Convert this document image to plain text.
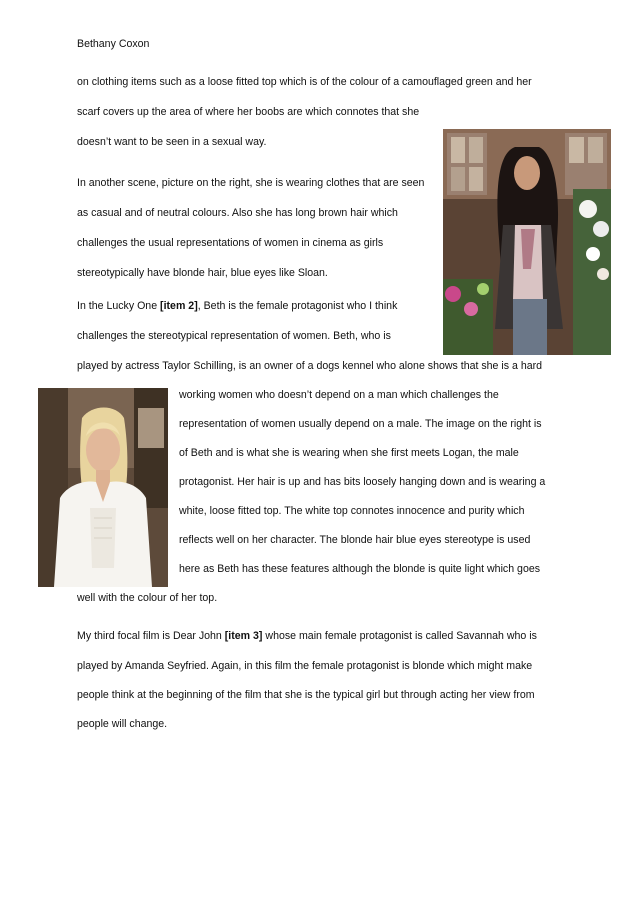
Bethany Coxon
on clothing items such as a loose fitted top which is of the colour of a camouflaged green and her
scarf covers up the area of where her boobs are which connotes that she
doesn’t want to be seen in a sexual way.
In another scene, picture on the right, she is wearing clothes that are seen
as casual and of neutral colours. Also she has long brown hair which
challenges the usual representations of women in cinema as girls
stereotypically have blonde hair, blue eyes like Sloan.
In the Lucky One [item 2], Beth is the female protagonist who I think
challenges the stereotypical representation of women. Beth, who is
played by actress Taylor Schilling, is an owner of a dogs kennel who alone shows that she is a hard
working women who doesn’t depend on a man which challenges the
representation of women usually depend on a male. The image on the right is
of Beth and is what she is wearing when she first meets Logan, the male
protagonist. Her hair is up and has bits loosely hanging down and is wearing a
white, loose fitted top. The white top connotes innocence and purity which
reflects well on her character. The blonde hair blue eyes stereotype is used
here as Beth has these features although the blonde is quite light which goes
well with the colour of her top.
My third focal film is Dear John [item 3] whose main female protagonist is called Savannah who is
played by Amanda Seyfried. Again, in this film the female protagonist is blonde which might make
people think at the beginning of the film that she is the typical girl but through acting her view from
people will change.
